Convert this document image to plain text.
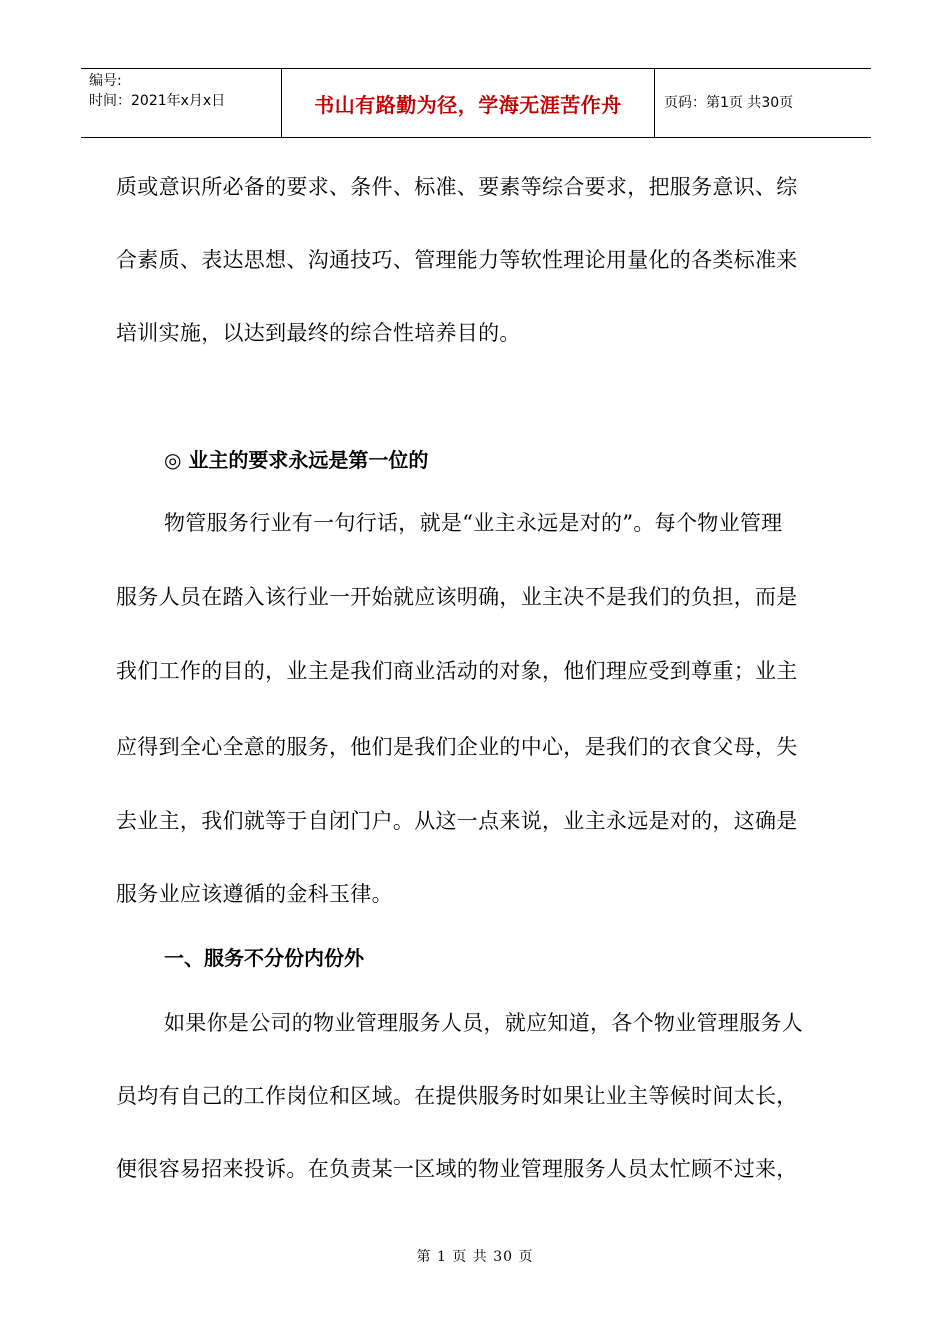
编号:
时间：2021年x月x日	书山有路勤为径，学海无涯苦作舟	页码：第1页 共30页
质或意识所必备的要求、条件、标准、要素等综合要求，把服务意识、综
合素质、表达思想、沟通技巧、管理能力等软性理论用量化的各类标准来
培训实施，以达到最终的综合性培养目的。
◎ 业主的要求永远是第一位的
物管服务行业有一句行话，就是“业主永远是对的”。每个物业管理
服务人员在踏入该行业一开始就应该明确，业主决不是我们的负担，而是
我们工作的目的，业主是我们商业活动的对象，他们理应受到尊重；业主
应得到全心全意的服务，他们是我们企业的中心，是我们的衣食父母，失
去业主，我们就等于自闭门户。从这一点来说，业主永远是对的，这确是
服务业应该遵循的金科玉律。
一、服务不分份内份外
如果你是公司的物业管理服务人员，就应知道，各个物业管理服务人
员均有自己的工作岗位和区域。在提供服务时如果让业主等候时间太长，
便很容易招来投诉。在负责某一区域的物业管理服务人员太忙顾不过来，
第 1 页 共 30 页
